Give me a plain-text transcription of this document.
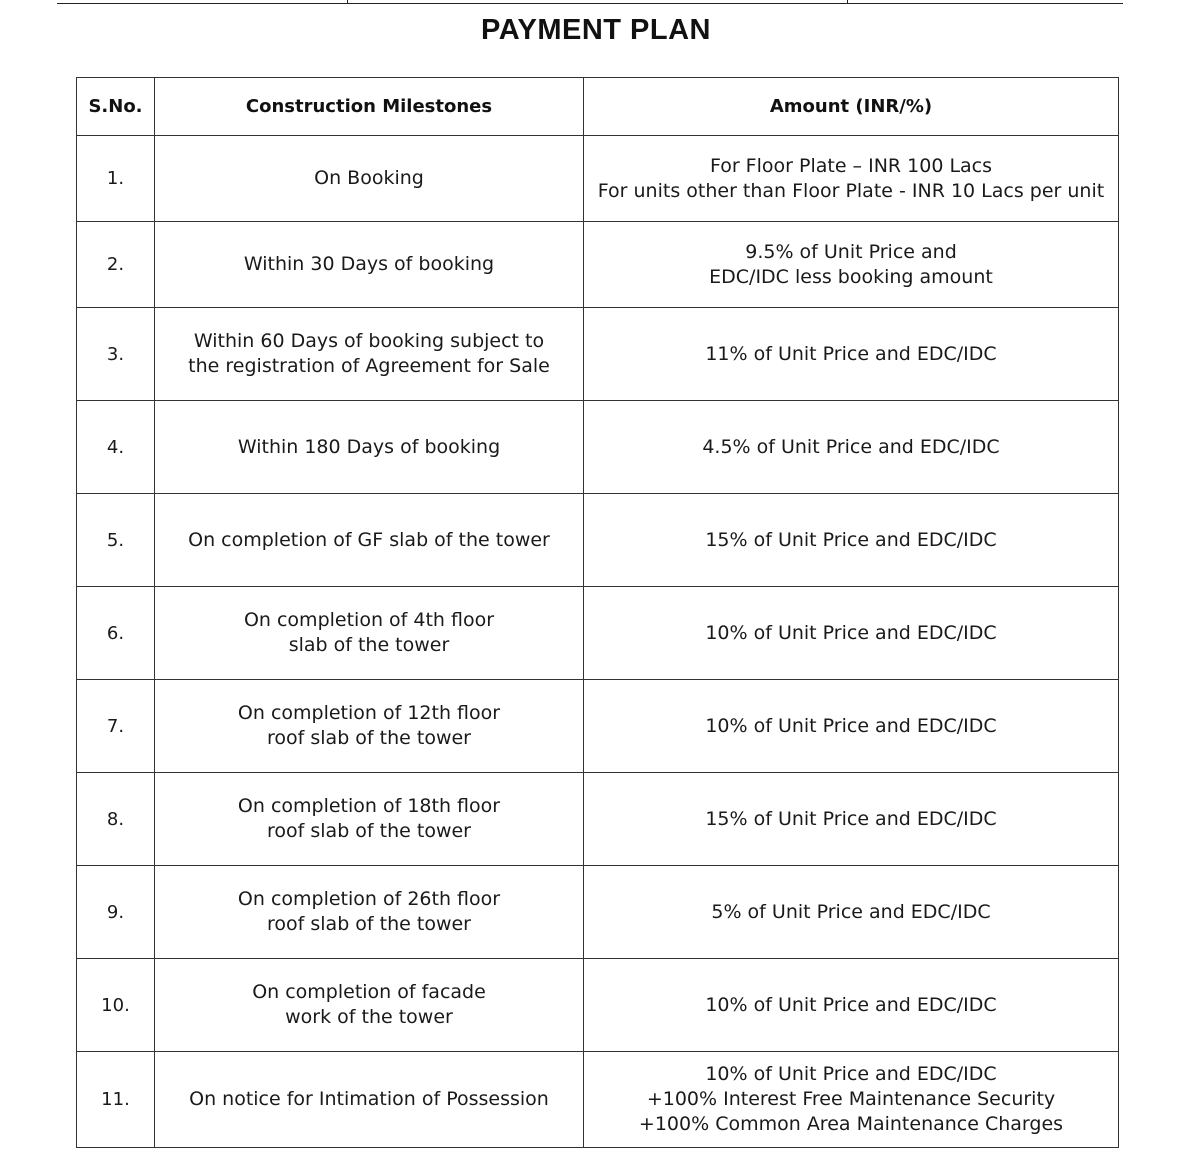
PAYMENT PLAN
S.No.	Construction Milestones	Amount (INR/%)
1.	On Booking	For Floor Plate – INR 100 Lacs
For units other than Floor Plate - INR 10 Lacs per unit

2.	Within 30 Days of booking	9.5% of Unit Price and
EDC/IDC less booking amount

3.	Within 60 Days of booking subject to
the registration of Agreement for Sale	11% of Unit Price and EDC/IDC

4.	Within 180 Days of booking	4.5% of Unit Price and EDC/IDC

5.	On completion of GF slab of the tower	15% of Unit Price and EDC/IDC

6.	On completion of 4th floor
slab of the tower	10% of Unit Price and EDC/IDC

7.	On completion of 12th floor
roof slab of the tower	10% of Unit Price and EDC/IDC

8.	On completion of 18th floor
roof slab of the tower	15% of Unit Price and EDC/IDC

9.	On completion of 26th floor
roof slab of the tower	5% of Unit Price and EDC/IDC

10.	On completion of facade
work of the tower	10% of Unit Price and EDC/IDC

11.	On notice for Intimation of Possession	10% of Unit Price and EDC/IDC
+100% Interest Free Maintenance Security
+100% Common Area Maintenance Charges
